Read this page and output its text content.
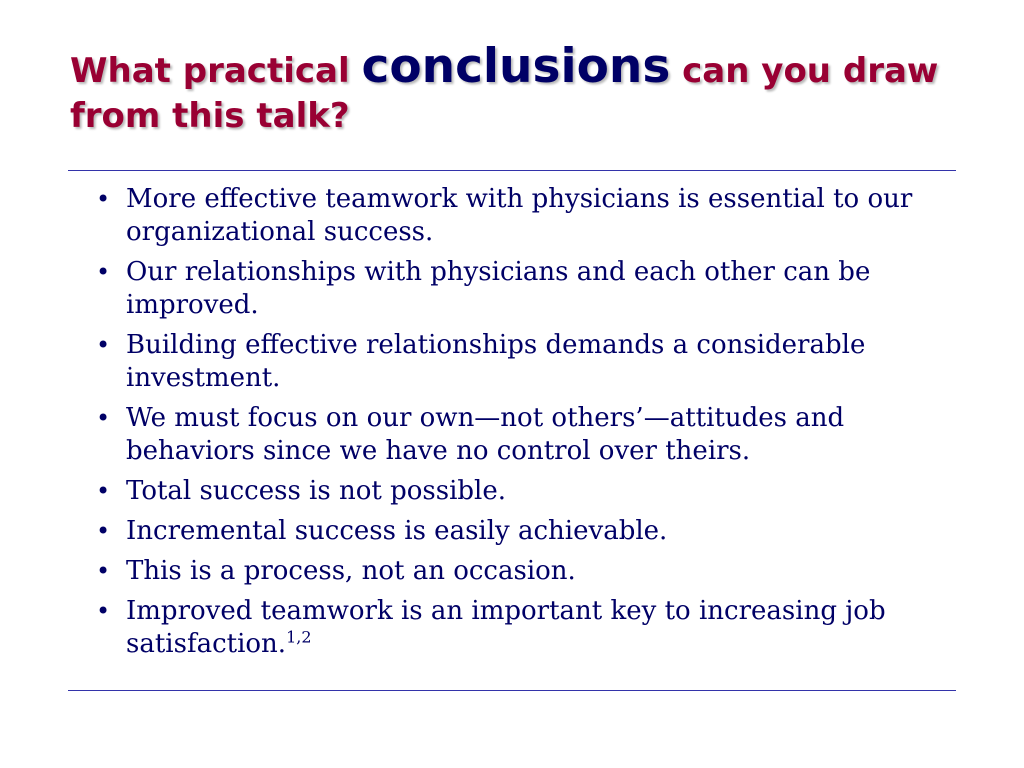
What practical conclusions can you draw from this talk?
• More effective teamwork with physicians is essential to our organizational success.
• Our relationships with physicians and each other can be improved.
• Building effective relationships demands a considerable investment.
• We must focus on our own—not others’—attitudes and behaviors since we have no control over theirs.
• Total success is not possible.
• Incremental success is easily achievable.
• This is a process, not an occasion.
• Improved teamwork is an important key to increasing job satisfaction.$^{1,2}$
